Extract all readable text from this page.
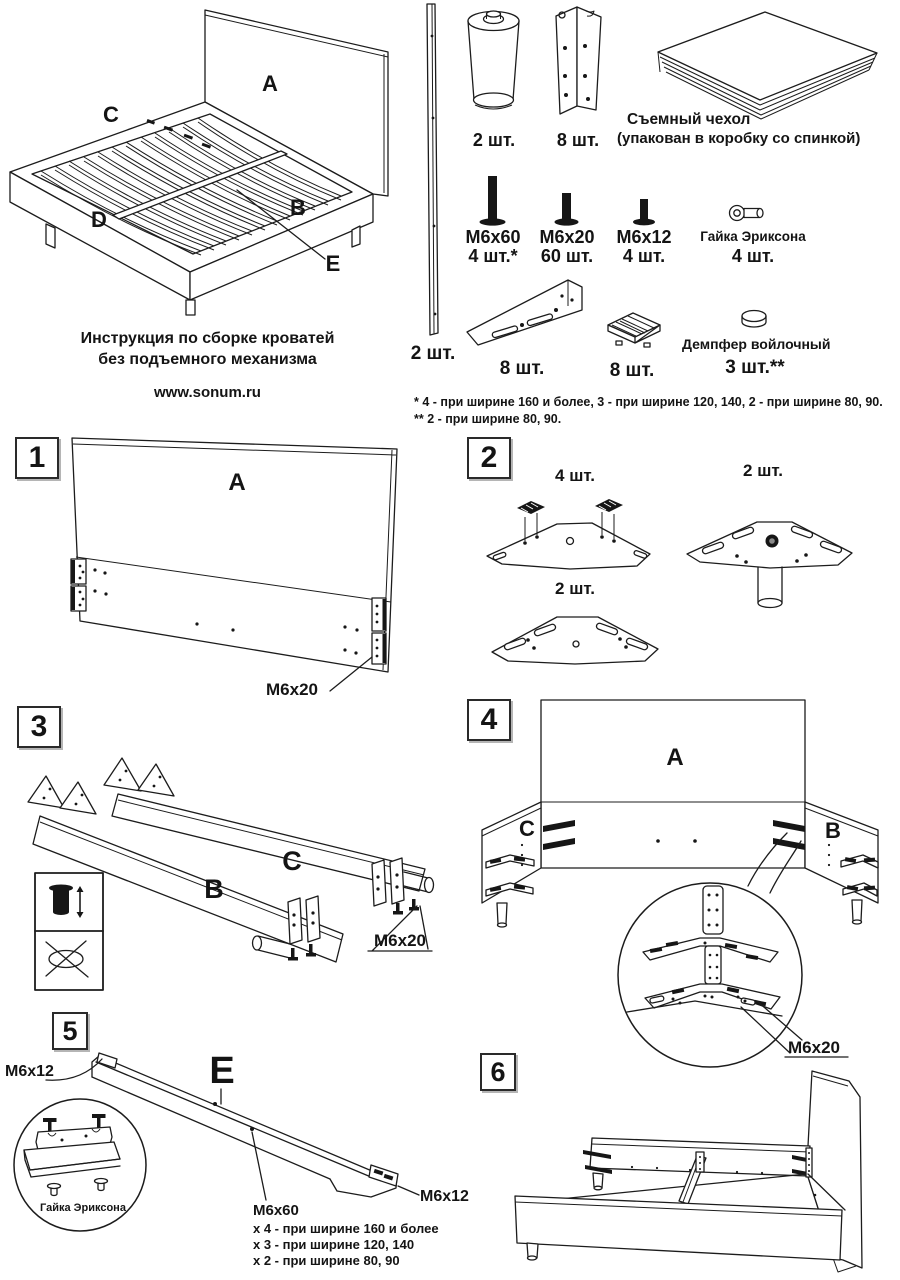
A
C
D	B
E
2 шт.
2 шт.	8 шт.
Съемный чехол
(упакован в коробку со спинкой)
M6x60
4 шт.*
M6x20
60 шт.
M6x12
4 шт.
Гайка Эриксона
4 шт.
8 шт.	8 шт.
Демпфер войлочный
3 шт.**
Инструкция по сборке кроватей
без подъемного механизма
www.sonum.ru
* 4 - при ширине 160 и более, 3 - при ширине 120, 140, 2 - при ширине 80, 90.
** 2 - при ширине 80, 90.
1	2
3	4
5
6
A
M6x20
4 шт.
2 шт.
2 шт.
B
C
M6x20
A
C	B
M6x20
E
M6x12
Гайка Эриксона
M6x12
M6x60
x 4 - при ширине 160 и более
x 3 - при ширине 120, 140
x 2 - при ширине 80, 90
